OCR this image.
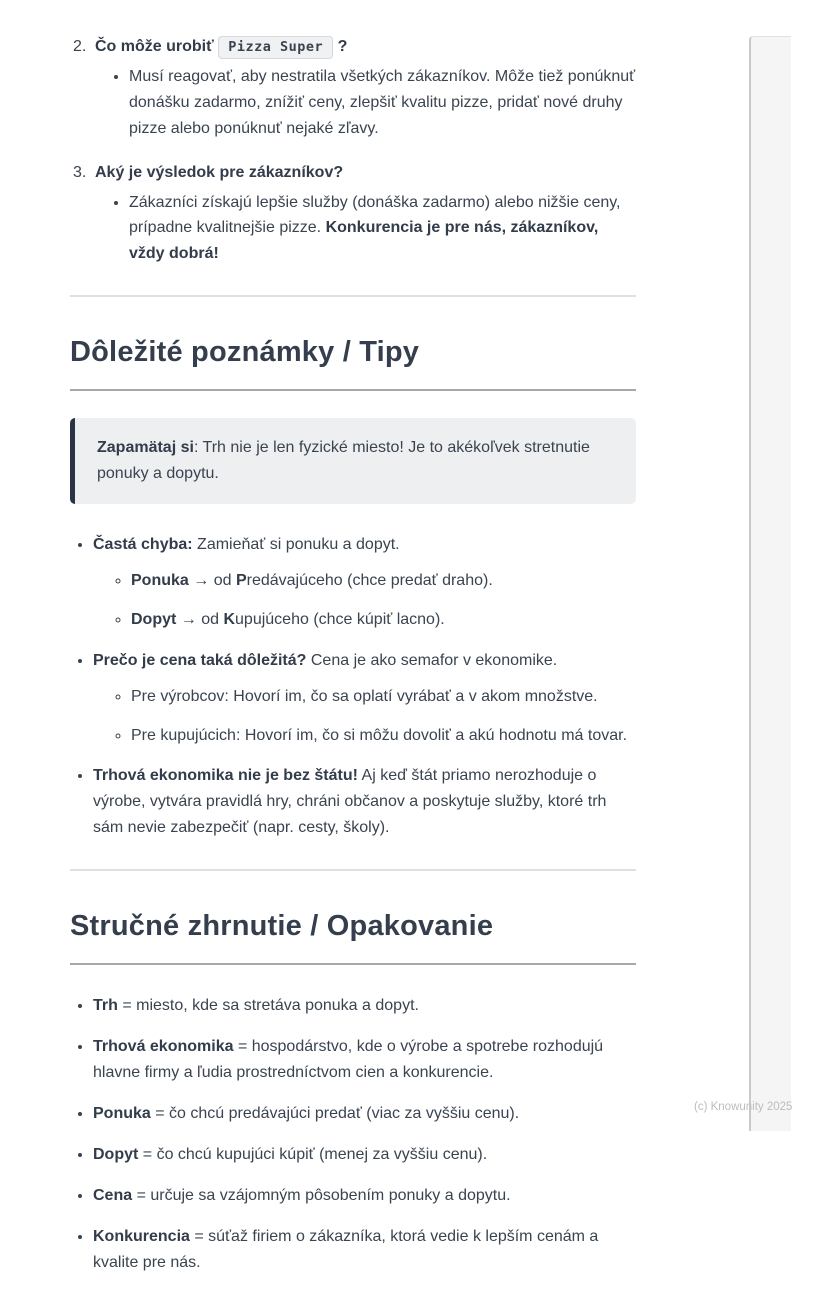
(c) Knowunity 2025
2. Čo môže urobiť Pizza Super ?

• Musí reagovať, aby nestratila všetkých zákazníkov. Môže tiež ponúknuť donášku zadarmo, znížiť ceny, zlepšiť kvalitu pizze, pridať nové druhy pizze alebo ponúknuť nejaké zľavy.

3. Aký je výsledok pre zákazníkov?

• Zákazníci získajú lepšie služby (donáška zadarmo) alebo nižšie ceny, prípadne kvalitnejšie pizze. Konkurencia je pre nás, zákazníkov, vždy dobrá!

Dôležité poznámky / Tipy

Zapamätaj si: Trh nie je len fyzické miesto! Je to akékoľvek stretnutie ponuky a dopytu.

• Častá chyba: Zamieňať si ponuku a dopyt.

◦ Ponuka → od Predávajúceho (chce predať draho).

◦ Dopyt → od Kupujúceho (chce kúpiť lacno).

• Prečo je cena taká dôležitá? Cena je ako semafor v ekonomike.

◦ Pre výrobcov: Hovorí im, čo sa oplatí vyrábať a v akom množstve.

◦ Pre kupujúcich: Hovorí im, čo si môžu dovoliť a akú hodnotu má tovar.

• Trhová ekonomika nie je bez štátu! Aj keď štát priamo nerozhoduje o výrobe, vytvára pravidlá hry, chráni občanov a poskytuje služby, ktoré trh sám nevie zabezpečiť (napr. cesty, školy).

Stručné zhrnutie / Opakovanie

• Trh = miesto, kde sa stretáva ponuka a dopyt.

• Trhová ekonomika = hospodárstvo, kde o výrobe a spotrebe rozhodujú hlavne firmy a ľudia prostredníctvom cien a konkurencie.

• Ponuka = čo chcú predávajúci predať (viac za vyššiu cenu).

• Dopyt = čo chcú kupujúci kúpiť (menej za vyššiu cenu).

• Cena = určuje sa vzájomným pôsobením ponuky a dopytu.

• Konkurencia = súťaž firiem o zákazníka, ktorá vedie k lepším cenám a kvalite pre nás.
